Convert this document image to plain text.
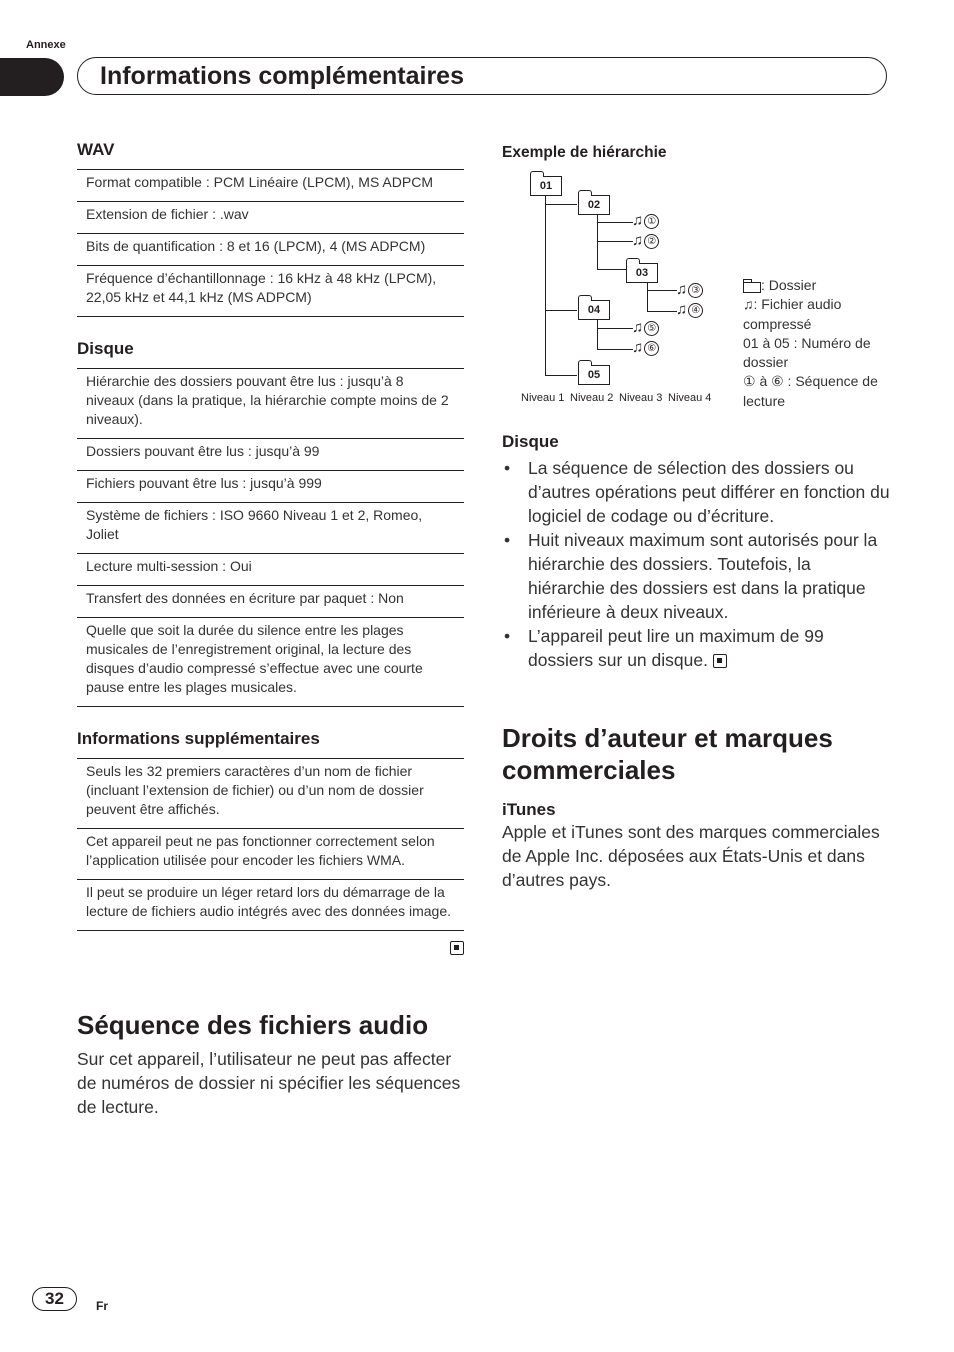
Annexe
Informations complémentaires
WAV
Format compatible : PCM Linéaire (LPCM), MS ADPCM
Extension de fichier : .wav
Bits de quantification : 8 et 16 (LPCM), 4 (MS ADPCM)
Fréquence d’échantillonnage : 16 kHz à 48 kHz (LPCM), 22,05 kHz et 44,1 kHz (MS ADPCM)
Disque
Hiérarchie des dossiers pouvant être lus : jusqu’à 8 niveaux (dans la pratique, la hiérarchie compte moins de 2 niveaux).
Dossiers pouvant être lus : jusqu’à 99
Fichiers pouvant être lus : jusqu’à 999
Système de fichiers : ISO 9660 Niveau 1 et 2, Romeo, Joliet
Lecture multi-session : Oui
Transfert des données en écriture par paquet : Non
Quelle que soit la durée du silence entre les plages musicales de l’enregistrement original, la lecture des disques d’audio compressé s’effectue avec une courte pause entre les plages musicales.
Informations supplémentaires
Seuls les 32 premiers caractères d’un nom de fichier (incluant l’extension de fichier) ou d’un nom de dossier peuvent être affichés.
Cet appareil peut ne pas fonctionner correctement selon l’application utilisée pour encoder les fichiers WMA.
Il peut se produire un léger retard lors du démarrage de la lecture de fichiers audio intégrés avec des données image.
Séquence des fichiers audio
Sur cet appareil, l’utilisateur ne peut pas affecter de numéros de dossier ni spécifier les séquences de lecture.
Exemple de hiérarchie
01
02
03
04
05
♫ ①
♫ ②
♫ ③
♫ ④
♫ ⑤
♫ ⑥
Niveau 1 Niveau 2 Niveau 3 Niveau 4
: Dossier
♫: Fichier audio compressé
01 à 05 : Numéro de dossier
① à ⑥ : Séquence de lecture
Disque
• La séquence de sélection des dossiers ou d’autres opérations peut différer en fonction du logiciel de codage ou d’écriture.
• Huit niveaux maximum sont autorisés pour la hiérarchie des dossiers. Toutefois, la hiérarchie des dossiers est dans la pratique inférieure à deux niveaux.
• L’appareil peut lire un maximum de 99 dossiers sur un disque.
Droits d’auteur et marques commerciales
iTunes
Apple et iTunes sont des marques commerciales de Apple Inc. déposées aux États-Unis et dans d’autres pays.
32	Fr
